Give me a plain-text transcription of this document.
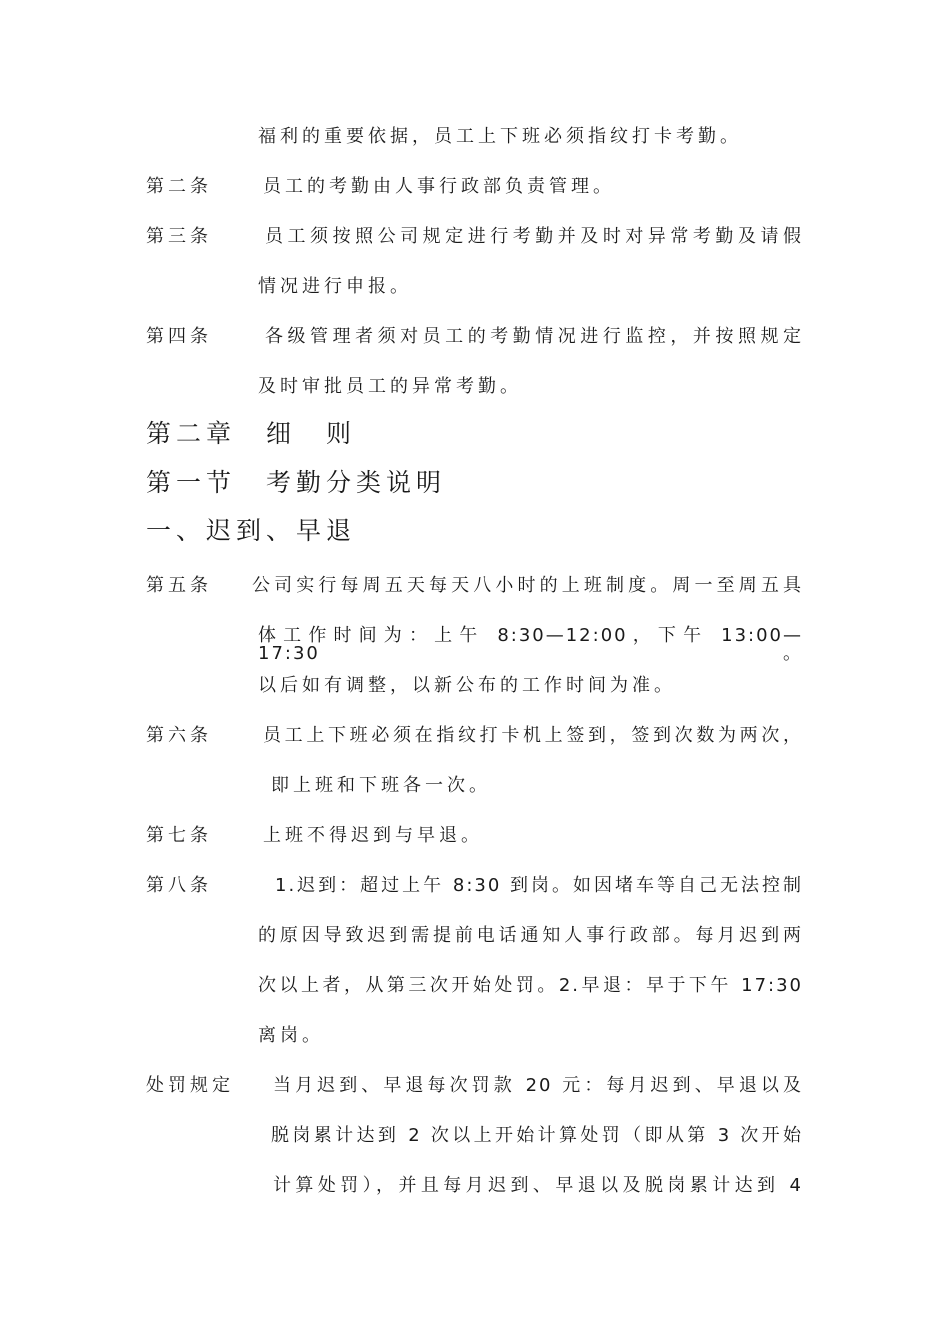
福利的重要依据，员工上下班必须指纹打卡考勤。
第二条	员工的考勤由人事行政部负责管理。
第三条	员工须按照公司规定进行考勤并及时对异常考勤及请假
情况进行申报。
第四条	各级管理者须对员工的考勤情况进行监控，并按照规定
及时审批员工的异常考勤。
第二章　细　则
第一节　考勤分类说明
一、迟到、早退
第五条 公司实行每周五天每天八小时的上班制度。周一至周五具
体工作时间为：上午 8:30—12:00，下午 13:00—17:30。
以后如有调整，以新公布的工作时间为准。
第六条	员工上下班必须在指纹打卡机上签到，签到次数为两次，
即上班和下班各一次。
第七条	上班不得迟到与早退。
第八条	1.迟到：超过上午 8:30 到岗。如因堵车等自己无法控制
的原因导致迟到需提前电话通知人事行政部。每月迟到两
次以上者，从第三次开始处罚。2.早退：早于下午 17:30
离岗。
处罚规定 当月迟到、早退每次罚款 20 元：每月迟到、早退以及
脱岗累计达到 2 次以上开始计算处罚（即从第 3 次开始
计算处罚），并且每月迟到、早退以及脱岗累计达到 4
